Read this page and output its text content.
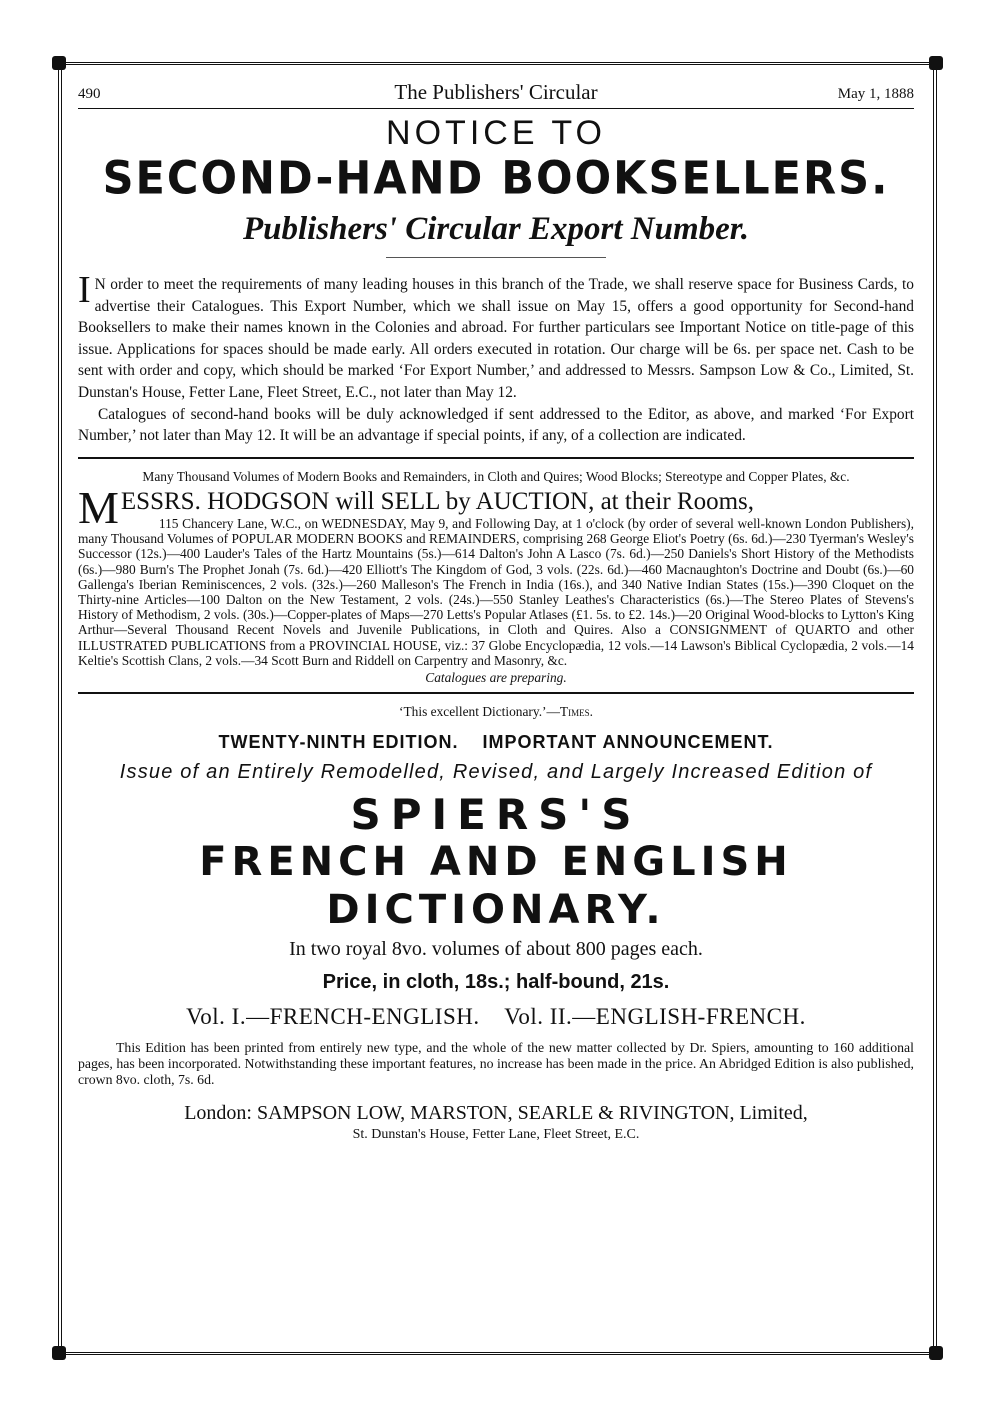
490	The Publishers' Circular	May 1, 1888
NOTICE TO
SECOND-HAND BOOKSELLERS.
Publishers' Circular Export Number.

I N order to meet the requirements of many leading houses in this branch of the Trade, we shall reserve space for Business Cards, to advertise their Catalogues. This Export Number, which we shall issue on May 15, offers a good opportunity for Second-hand Booksellers to make their names known in the Colonies and abroad. For further particulars see Important Notice on title-page of this issue. Applications for spaces should be made early. All orders executed in rotation. Our charge will be 6s. per space net. Cash to be sent with order and copy, which should be marked ‘For Export Number,’ and addressed to Messrs. Sampson Low & Co., Limited, St. Dunstan's House, Fetter Lane, Fleet Street, E.C., not later than May 12.

Catalogues of second-hand books will be duly acknowledged if sent addressed to the Editor, as above, and marked ‘For Export Number,’ not later than May 12. It will be an advantage if special points, if any, of a collection are indicated.

Many Thousand Volumes of Modern Books and Remainders, in Cloth and Quires; Wood Blocks; Stereotype and Copper Plates, &c.

MESSRS. HODGSON will SELL by AUCTION, at their Rooms,

115 Chancery Lane, W.C., on WEDNESDAY, May 9, and Following Day, at 1 o'clock (by order of several well-known London Publishers), many Thousand Volumes of POPULAR MODERN BOOKS and REMAINDERS, comprising 268 George Eliot's Poetry (6s. 6d.)—230 Tyerman's Wesley's Successor (12s.)—400 Lauder's Tales of the Hartz Mountains (5s.)—614 Dalton's John A Lasco (7s. 6d.)—250 Daniels's Short History of the Methodists (6s.)—980 Burn's The Prophet Jonah (7s. 6d.)—420 Elliott's The Kingdom of God, 3 vols. (22s. 6d.)—460 Macnaughton's Doctrine and Doubt (6s.)—60 Gallenga's Iberian Reminiscences, 2 vols. (32s.)—260 Malleson's The French in India (16s.), and 340 Native Indian States (15s.)—390 Cloquet on the Thirty-nine Articles—100 Dalton on the New Testament, 2 vols. (24s.)—550 Stanley Leathes's Characteristics (6s.)—The Stereo Plates of Stevens's History of Methodism, 2 vols. (30s.)—Copper-plates of Maps—270 Letts's Popular Atlases (£1. 5s. to £2. 14s.)—20 Original Wood-blocks to Lytton's King Arthur—Several Thousand Recent Novels and Juvenile Publications, in Cloth and Quires. Also a CONSIGNMENT of QUARTO and other ILLUSTRATED PUBLICATIONS from a PROVINCIAL HOUSE, viz.: 37 Globe Encyclopædia, 12 vols.—14 Lawson's Biblical Cyclopædia, 2 vols.—14 Keltie's Scottish Clans, 2 vols.—34 Scott Burn and Riddell on Carpentry and Masonry, &c.

Catalogues are preparing.
‘This excellent Dictionary.’—Times.
TWENTY-NINTH EDITION.    IMPORTANT ANNOUNCEMENT.
Issue of an Entirely Remodelled, Revised, and Largely Increased Edition of
SPIERS'S
FRENCH AND ENGLISH DICTIONARY.
In two royal 8vo. volumes of about 800 pages each.
Price, in cloth, 18s.; half-bound, 21s.
Vol. I.—FRENCH-ENGLISH.    Vol. II.—ENGLISH-FRENCH.

This Edition has been printed from entirely new type, and the whole of the new matter collected by Dr. Spiers, amounting to 160 additional pages, has been incorporated. Notwithstanding these important features, no increase has been made in the price. An Abridged Edition is also published, crown 8vo. cloth, 7s. 6d.

London: SAMPSON LOW, MARSTON, SEARLE & RIVINGTON, Limited,
St. Dunstan's House, Fetter Lane, Fleet Street, E.C.
